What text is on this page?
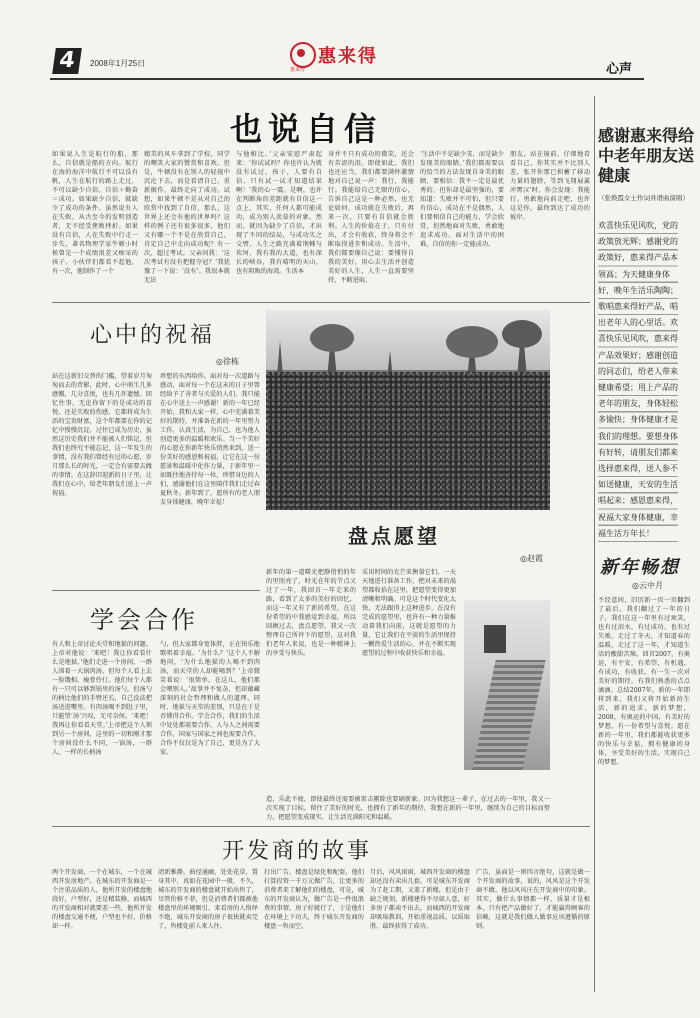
4	2008年1月25日	惠来得
惠来得	心声
也说自信
如果说人生是航行的船，那么，自信就是船的方向。航行在海的海洋中航行不可以没有帆，人生在航行的路上走过，不可以缺少自信。自信＋勤奋＝成功。如果缺少自信，就缺少了成功的条件。虽然说有人在失败，从古至今的发明创造者，无不经受挫败挫折。如果没有自信，人在失败中行走一步失，著名物理学家牛顿小时候曾是一个成绩很差又痴呆的孩子，小伙伴们都看不起他，有一次，他制作了一个
精美的风车拿到了学校，同学的嘲笑大家的赞赏和喜欢。但是，牛顿没有在别人的轻视中沉沦下去，而是看清自己，重新振作，最终走向了成功。试想，如果牛顿不是从对自己的欣赏中找到了自信，那么，这世界上还会有他的世界吗？这样的例子还有很多很多，他们又有哪一个不是在欣赏自己，肯定自己中走向成功呢？有一次，超过考试。父亲问我：‘这次考试有没有把握夺冠？’我犹豫了一下说：‘没有’。我很本就无法
与他相比。’父亲安慰严肃起来：‘你试试吗？你也许认为就没有试过，孩子，人要有自信，只有试一试才知道结果啊！’我的心一震。是啊，也许在判断角的差距就有自信这一点上，其实，任何人都可能成功，成为别人羡慕的对象。然而，就因为缺少了自信，才出现了不同的结局，与成功失之交臂。人生之路充满着荆棘与坎坷，我有我的大道，也有深长的峡谷，我有晴明的天山，也有阴晦的海湾。生活本
身并不只有成功的微笑，还会有苦涩的泪。即使如此，我们也还应当，我们都要满怀激情地对自己说一声：我行，我能行。我能给自己无限的信心，告诉自己这是一种必然，也无论如何，成功就在失败后，再来一次，只要有自信就会胜利。人生的价值在于，只有付出，才会有收获，终身将会不断取得进步和成功。生活中，我们都要像自己说：要懂得自我的美好，用心去生活并创造美好的人生，人生一直需要坚持，不断进取。
‘生活中不是缺少美，而是缺少发现美的眼睛。’我们都需要以的恰当的方法发现自身美的眼睛，要相信：我不一定是最优秀的，但你却是最坚强的，要知道：失败并不可怕，但只要有信心，成功在不是偶然，人们要相信自己的能力，学会欣赏，坦然地面对失败，勇敢地追求成功。面对生活中的困难，自信的你一定能成功。
朋友，站在镜前，仔细地看看自己，你其实并不比别人差，张开你那已积蓄了移动力量的翅膀，等到飞翔展翼冲霄汉’时，你会发现：我能行。勇敢地向前走吧，也许这是你，最终到达了成功的彼岸。
心中的祝福
◎徐栋
站在这新旧交替的门槛，望着岁月匆匆而去的背影，此时，心中萌生几多感慨，几分喜悦，也有几许遗憾。回忆往事，无论你留下的是成功的喜悦，还是失败的伤感，它都将成为生活的宝贵财富，这个年都要在你的记忆中慢慢沉淀。过往已成为历史，虽然这历史我们并不能被人们铭记，但我们也终究不能忘记，这一年发生的事情，没有我们曾经有过的心愿，岁月那么长的时光，一定会有需要去做的事情。在这辞旧迎新的日子里，让我们在心中，给老年朋友们送上一声祝福。
珍想的东西给你。面对每一次道路与感动，面对每一个在这末的日子里曾经给予了善者与关爱的人们，我只能在心中送上一声感谢！新的一年已经开始，我和大家一样，心中充满着美好的期待，并准备在新的一年里努力工作，认真生活，为自己，也为他人创造更多的温暖和欢乐。当一个美好的心愿在你新年快乐悄然来到，送一份美好的感恩和祝福，让它在这一份愿景和温暖中化作力量，于新年里一如既往地善待每一位，珍惜身边的人们，感谢他们在这里陪伴我们走过春夏秋冬。新年到了，愿所有的老人朋友身体健康，晚年幸福！
盘点愿望
◎赵霞
新年的第一道曙光把静悄悄的年的里照亮了，时光在年的节点又过了一年，我回首一年走来的路，看到了太多的美好的回忆，而这一年又有了新的希望，在这份希望的中我感觉到幸福，所以回顾过去，盘点愿望，我又一次整理自己所许下的愿望，这对我们老年人来说，也是一种精神上的享受与快乐。
采用时间的光芒来衡量它们，一天天地进行准备工作，把对未来的渴望都收拾在这里，把愿望变得更加清晰和明确。可是这个时代变化太快，无法跟得上这种进步，在没有完成的愿望里，也许有一种力量推动着我们向前，这就是愿望的力量，它让我们在平淡的生活里保持一颗热爱生活的心，并在不断实现愿望的过程中收获快乐和幸福。
造，乐此不疲，即使最终还需要被雷击剔除也要刷新象。因为我想这一辈子，在过去的一年里，我又一次实现了目标，留住了美好的时光，也拥有了新年的期待，我想在新的一年里，继续为自己的目标而努力，把愿望变成现实，让生活充满阳光和温暖。
学会合作
有人和上帝讨论天堂和地狱的问题。上帝对他说：‘来吧！我让你看看什么是地狱。’他们走进一个房间，一群人围着一大锅肉汤，但每个人看上去一脸饿相，瘦骨伶仃。他们每个人都有一只可以够到锅里的汤勺，但汤勺的柄比他们的手臂还长，自己没法把汤送进嘴里。有肉汤喝不到肚子里，只能望‘汤’兴叹，无可奈何。‘来吧！我再让你看看天堂。’上帝把这个人领到另一个房间，这里的一切和刚才那个房间没什么不同，一锅汤，一群人，一样的长柄汤
勺，但大家都身宽体胖，正在快乐地歌唱着幸福。‘为什么？’这个人不解地问，‘为什么地狱的人喝不到肉汤，而天堂的人却能喝到？’上帝微笑着说：‘很简单，在这儿，他们都会喂别人。’故事并不复杂，但却蕴藏深刻的社会哲理和做人的道理，同时，地狱与天堂的差别，只是在于是否懂得合作。学会合作，我们的生活中处处都需要合作，人与人之间需要合作，国家与国家之间也需要合作，合作不仅仅是为了自己，更是为了大家。
开发商的故事
两个开发商，一个在城东，一个在城西开发房地产。在城东的开发商是一个注重品质的人，他所开发的楼盘地段好，户型好，还是精装修，而城西的开发商相对就要差一些，他所开发的楼盘交通不便，户型也不好，价格却一样。
清新雅静，曲径通幽，处处花草，置身其中，真如在花园中一般，不久，城东的开发商的楼盘就开始出售了，尽管价格不菲，但是消费者们都被他楼盘里的环境吸引，来看房的人络绎不绝，城东开发商的房子很快就卖完了，售楼处前人来人往。
打出广告，楼盘是绿化和配套，他们打算投资一千万元做广告，让更多的消费者来了解他们的楼盘，可是，城东的开发商认为，做广告是一件很浪费的事情，房子好就行了，于是他们在环境上下功夫，终于城东开发商的楼盘一售而空。
月后，风风雨雨，城西开发商的楼盘却还没有卖出几套，可是城东开发商为了赶工期，又盖了新楼，但是由于缺乏规划，新楼建得不尽如人意，好多房子都卖不出去，而城西的开发商却吸取教训，开始重视品质，以质取胜，最终获得了成功。
广告，虽面是一则四言绝句，这就是做一个开发商的故事，说的，风风是这个开发商不做，他以风风庄在开发商中的印象。其实，做什么事情都一样，质量才是根本，只有把产品做好了，才能赢得顾客的信赖，这就是我们做人做事应该遵循的原则。
感谢惠来得给中老年朋友送健康
（张焕霞女士作词并谱曲演唱）
欢喜快乐见风吹，党的政策放光辉；感谢党的政策好，惠来得产品本领高；为天健康身体好，晚年生活乐陶陶；歌唱惠来得好产品，唱出老年人的心里话。欢喜快乐见风吹，惠来得产品效果好；感谢创造的同志们，给老人带来健康希望；用上产品的老年的朋友，身体轻松多愉快；身体健康才是我们的理想。要想身体有好转，请朋友们都来选择惠来得，送人参不如送健康，天安的生活唱起来；感恩惠来得，祝福大家身体健康，幸福生活万年长！
新年畅想
◎云中月
不经意间，旧历新一页一页翻到了最后，我们翻过了一年的日子，我们在这一年里有过欢笑，也有过泪水，有过成功，也有过失败。走过了冬天，才知道春的温暖，走过了这一年，才知道生活的酸甜苦辣。回首2007，有奥运，有平安，有希望，有机遇，有成功，有收获，有一生一次对美好的期待，有我们熟悉的点点滴滴。总结2007年，新的一年即将到来，我们又将开始新的生活，新的追求，新的梦想，2008，有奥运的中国，有美好的梦想，有一份希望与喜悦。愿在新的一年里，我们都能收获更多的快乐与幸福，拥有健康的身体，享受美好的生活，实现自己的梦想。
